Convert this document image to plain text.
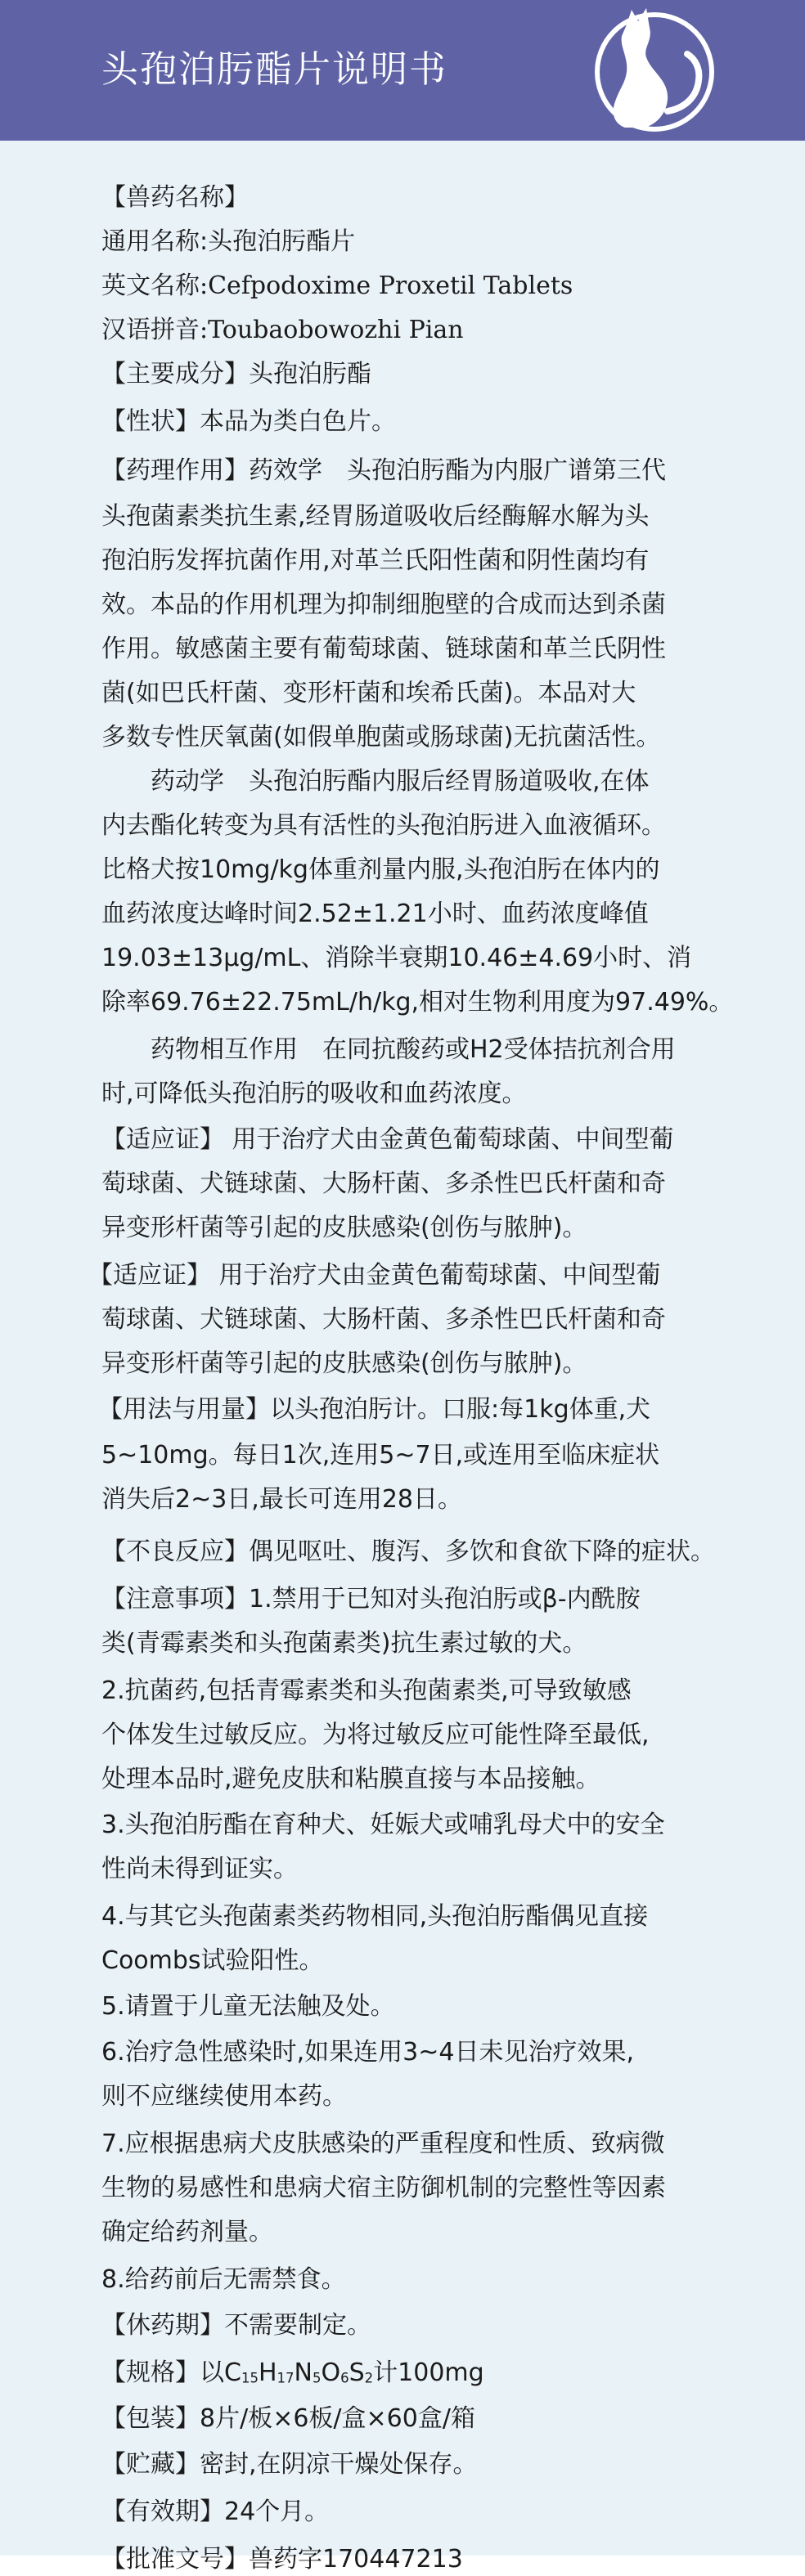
头孢泊肟酯片说明书
【兽药名称】
通用名称:头孢泊肟酯片
英文名称:Cefpodoxime Proxetil Tablets
汉语拼音:Toubaobowozhi Pian
【主要成分】头孢泊肟酯
【性状】本品为类白色片。
【药理作用】药效学　头孢泊肟酯为内服广谱第三代
头孢菌素类抗生素,经胃肠道吸收后经酶解水解为头
孢泊肟发挥抗菌作用,对革兰氏阳性菌和阴性菌均有
效。本品的作用机理为抑制细胞壁的合成而达到杀菌
作用。敏感菌主要有葡萄球菌、链球菌和革兰氏阴性
菌(如巴氏杆菌、变形杆菌和埃希氏菌)。本品对大
多数专性厌氧菌(如假单胞菌或肠球菌)无抗菌活性。
药动学　头孢泊肟酯内服后经胃肠道吸收,在体
内去酯化转变为具有活性的头孢泊肟进入血液循环。
比格犬按10mg/kg体重剂量内服,头孢泊肟在体内的
血药浓度达峰时间2.52±1.21小时、血药浓度峰值
19.03±13μg/mL、消除半衰期10.46±4.69小时、消
除率69.76±22.75mL/h/kg,相对生物利用度为97.49%。
药物相互作用　在同抗酸药或H2受体拮抗剂合用
时,可降低头孢泊肟的吸收和血药浓度。
【适应证】 用于治疗犬由金黄色葡萄球菌、中间型葡
萄球菌、犬链球菌、大肠杆菌、多杀性巴氏杆菌和奇
异变形杆菌等引起的皮肤感染(创伤与脓肿)。
【适应证】 用于治疗犬由金黄色葡萄球菌、中间型葡
萄球菌、犬链球菌、大肠杆菌、多杀性巴氏杆菌和奇
异变形杆菌等引起的皮肤感染(创伤与脓肿)。
【用法与用量】以头孢泊肟计。口服:每1kg体重,犬
5~10mg。每日1次,连用5~7日,或连用至临床症状
消失后2~3日,最长可连用28日。
【不良反应】偶见呕吐、腹泻、多饮和食欲下降的症状。
【注意事项】1.禁用于已知对头孢泊肟或β-内酰胺
类(青霉素类和头孢菌素类)抗生素过敏的犬。
2.抗菌药,包括青霉素类和头孢菌素类,可导致敏感
个体发生过敏反应。为将过敏反应可能性降至最低,
处理本品时,避免皮肤和粘膜直接与本品接触。
3.头孢泊肟酯在育种犬、妊娠犬或哺乳母犬中的安全
性尚未得到证实。
4.与其它头孢菌素类药物相同,头孢泊肟酯偶见直接
Coombs试验阳性。
5.请置于儿童无法触及处。
6.治疗急性感染时,如果连用3~4日未见治疗效果,
则不应继续使用本药。
7.应根据患病犬皮肤感染的严重程度和性质、致病微
生物的易感性和患病犬宿主防御机制的完整性等因素
确定给药剂量。
8.给药前后无需禁食。
【休药期】不需要制定。
【规格】以$C_{15}H_{17}N_5O_6S_2$计100mg
【包装】8片/板×6板/盒×60盒/箱
【贮藏】密封,在阴凉干燥处保存。
【有效期】24个月。
【批准文号】兽药字170447213
